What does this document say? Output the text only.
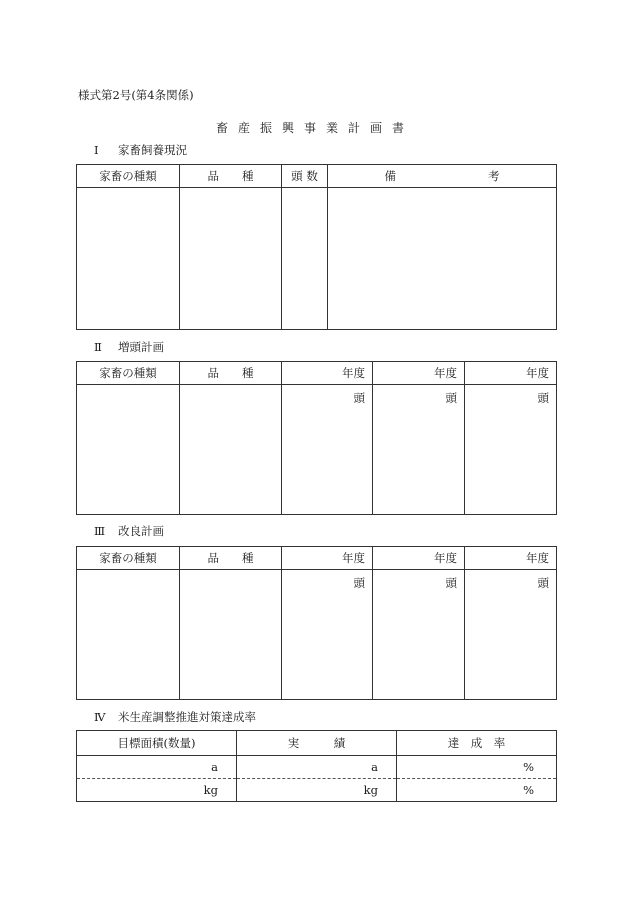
様式第2号(第4条関係)
畜産振興事業計画書
Ⅰ 家畜飼養現況
家畜の種類	品　　種	頭 数	備　　　　　　　　考

Ⅱ 増頭計画
家畜の種類	品　　種	年度	年度	年度
		頭	頭	頭
Ⅲ 改良計画
家畜の種類	品　　種	年度	年度	年度
		頭	頭	頭
Ⅳ 米生産調整推進対策達成率
目標面積(数量)	実　　　績	達　成　率
a	a	%
kg	kg	%
